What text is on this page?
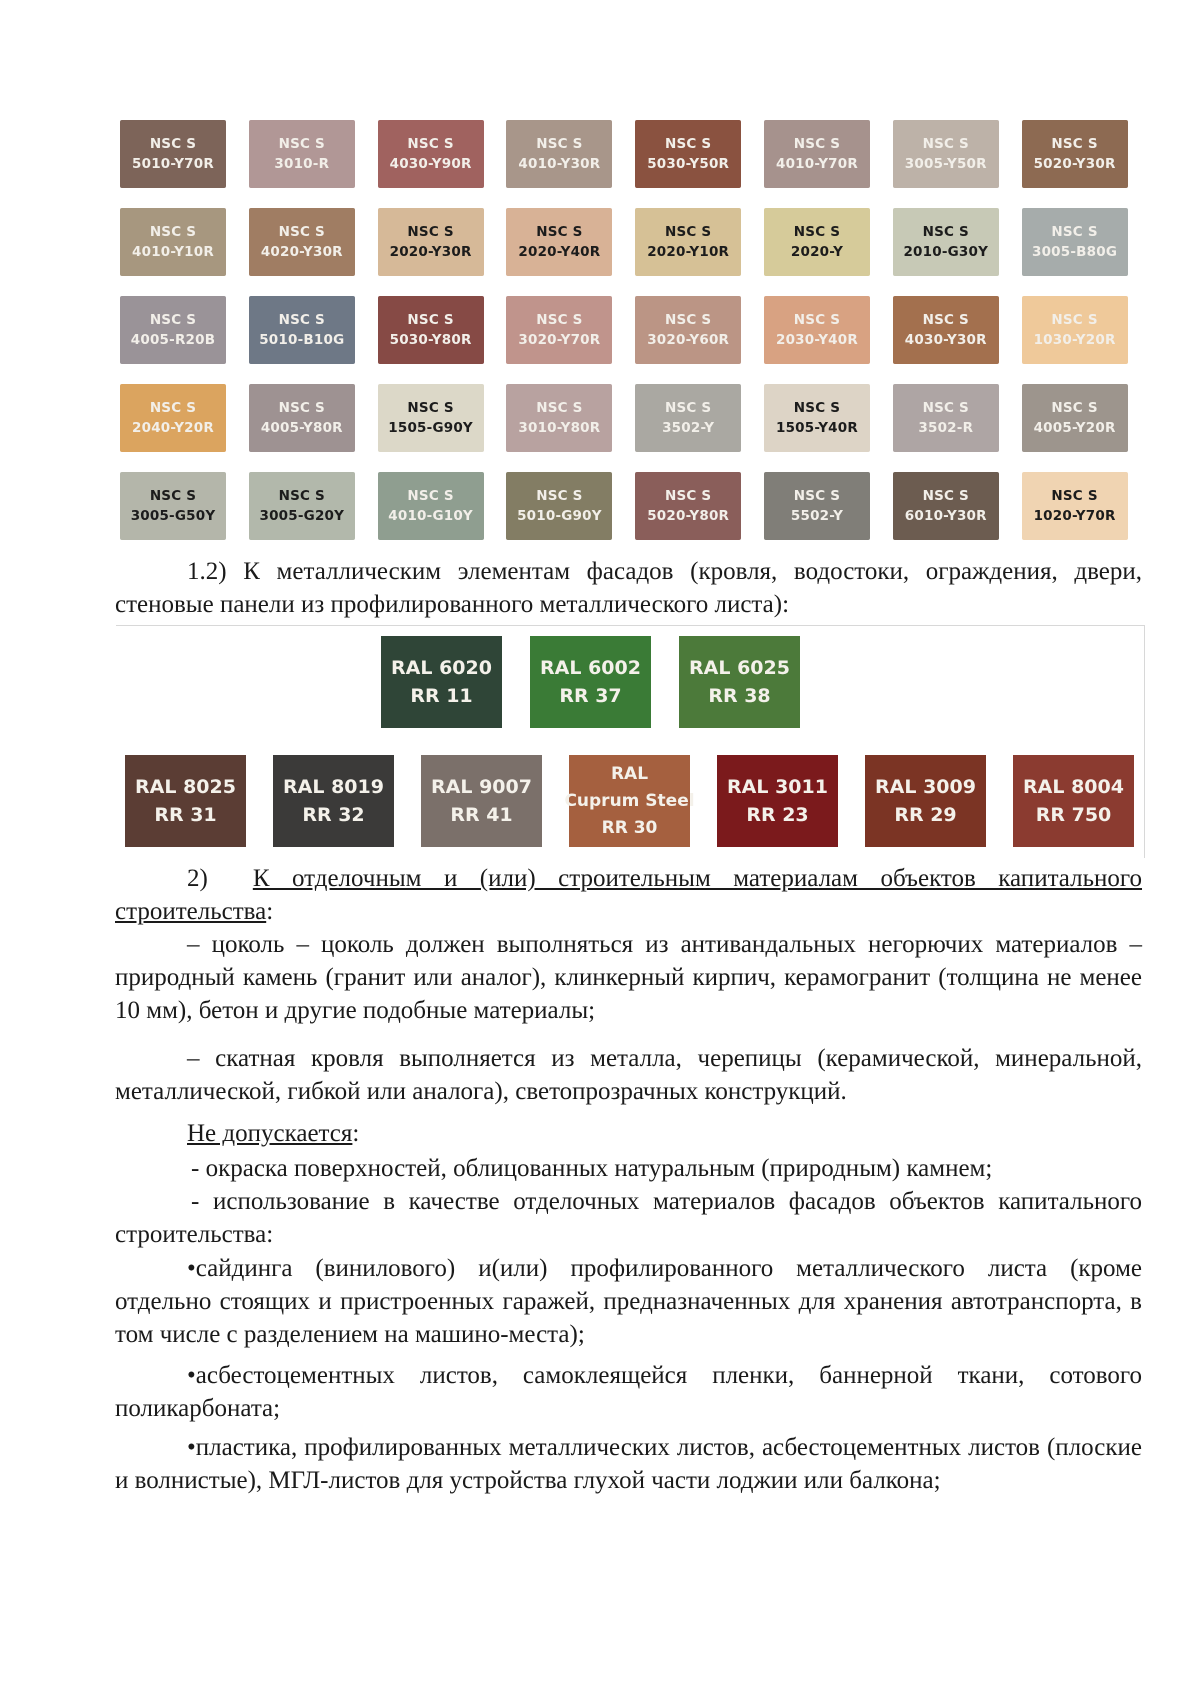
NSC S
5010-Y70R
NSC S
3010-R
NSC S
4030-Y90R
NSC S
4010-Y30R
NSC S
5030-Y50R
NSC S
4010-Y70R
NSC S
3005-Y50R
NSC S
5020-Y30R
NSC S
4010-Y10R
NSC S
4020-Y30R
NSC S
2020-Y30R
NSC S
2020-Y40R
NSC S
2020-Y10R
NSC S
2020-Y
NSC S
2010-G30Y
NSC S
3005-B80G
NSC S
4005-R20B
NSC S
5010-B10G
NSC S
5030-Y80R
NSC S
3020-Y70R
NSC S
3020-Y60R
NSC S
2030-Y40R
NSC S
4030-Y30R
NSC S
1030-Y20R
NSC S
2040-Y20R
NSC S
4005-Y80R
NSC S
1505-G90Y
NSC S
3010-Y80R
NSC S
3502-Y
NSC S
1505-Y40R
NSC S
3502-R
NSC S
4005-Y20R
NSC S
3005-G50Y
NSC S
3005-G20Y
NSC S
4010-G10Y
NSC S
5010-G90Y
NSC S
5020-Y80R
NSC S
5502-Y
NSC S
6010-Y30R
NSC S
1020-Y70R
1.2) К металлическим элементам фасадов (кровля, водостоки, ограждения, двери, стеновые панели из профилированного металлического листа):
RAL 6020
RR 11
RAL 6002
RR 37
RAL 6025
RR 38
RAL 8025
RR 31
RAL 8019
RR 32
RAL 9007
RR 41
RAL
Cuprum Steel
RR 30
RAL 3011
RR 23
RAL 3009
RR 29
RAL 8004
RR 750
2) К отделочным и (или) строительным материалам объектов капитального строительства:
– цоколь – цоколь должен выполняться из антивандальных негорючих материалов – природный камень (гранит или аналог), клинкерный кирпич, керамогранит (толщина не менее 10 мм), бетон и другие подобные материалы;
– скатная кровля выполняется из металла, черепицы (керамической, минеральной, металлической, гибкой или аналога), светопрозрачных конструкций.
Не допускается:
- окраска поверхностей, облицованных натуральным (природным) камнем;
- использование в качестве отделочных материалов фасадов объектов капитального строительства:
•сайдинга (винилового) и(или) профилированного металлического листа (кроме отдельно стоящих и пристроенных гаражей, предназначенных для хранения автотранспорта, в том числе с разделением на машино-места);
•асбестоцементных листов, самоклеящейся пленки, баннерной ткани, сотового поликарбоната;
•пластика, профилированных металлических листов, асбестоцементных листов (плоские и волнистые), МГЛ-листов для устройства глухой части лоджии или балкона;
